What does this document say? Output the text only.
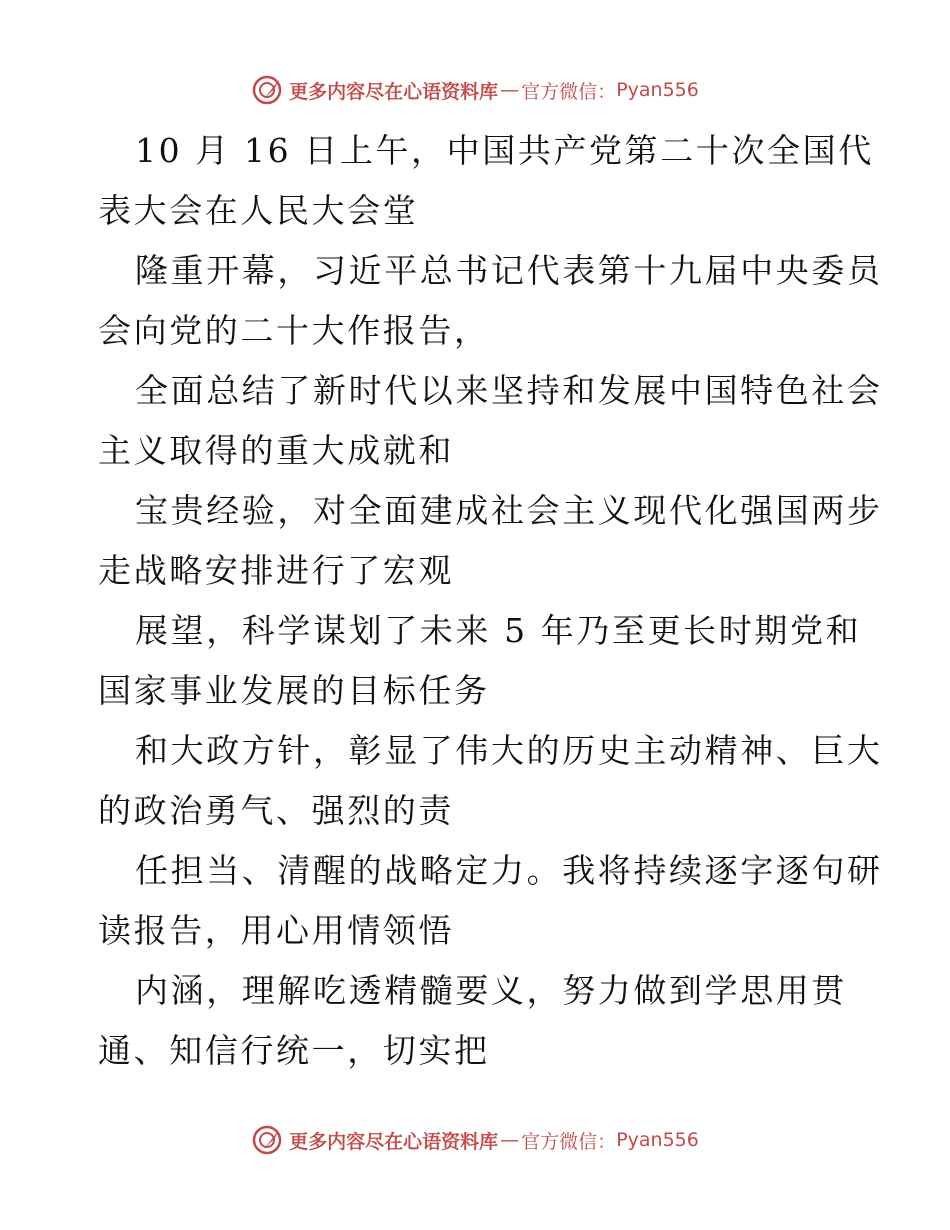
更多内容尽在心语资料库 — 官方微信： Pyan556
10 月 16 日上午，中国共产党第二十次全国代
表大会在人民大会堂
隆重开幕，习近平总书记代表第十九届中央委员
会向党的二十大作报告，
全面总结了新时代以来坚持和发展中国特色社会
主义取得的重大成就和
宝贵经验，对全面建成社会主义现代化强国两步
走战略安排进行了宏观
展望，科学谋划了未来 5 年乃至更长时期党和
国家事业发展的目标任务
和大政方针，彰显了伟大的历史主动精神、巨大
的政治勇气、强烈的责
任担当、清醒的战略定力。我将持续逐字逐句研
读报告，用心用情领悟
内涵，理解吃透精髓要义，努力做到学思用贯
通、知信行统一，切实把
更多内容尽在心语资料库 — 官方微信： Pyan556
